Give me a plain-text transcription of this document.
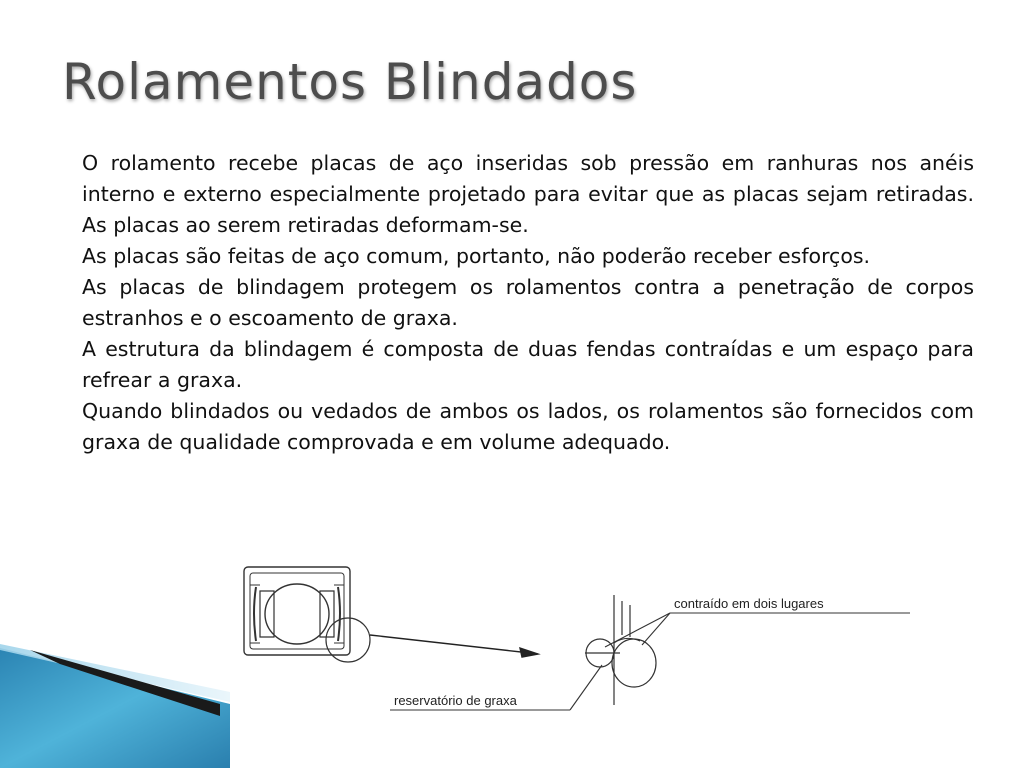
Rolamentos Blindados

O rolamento recebe placas de aço inseridas sob pressão em ranhuras nos anéis interno e externo especialmente projetado para evitar que as placas sejam retiradas. As placas ao serem retiradas deformam-se.

As placas são feitas de aço comum, portanto, não poderão receber esforços.

As placas de blindagem protegem os rolamentos contra a penetração de corpos estranhos e o escoamento de graxa.

A estrutura da blindagem é composta de duas fendas contraídas e um espaço para refrear a graxa.

Quando blindados ou vedados de ambos os lados, os rolamentos são fornecidos com graxa de qualidade comprovada e em volume adequado.

contraído em dois lugares
reservatório de graxa
